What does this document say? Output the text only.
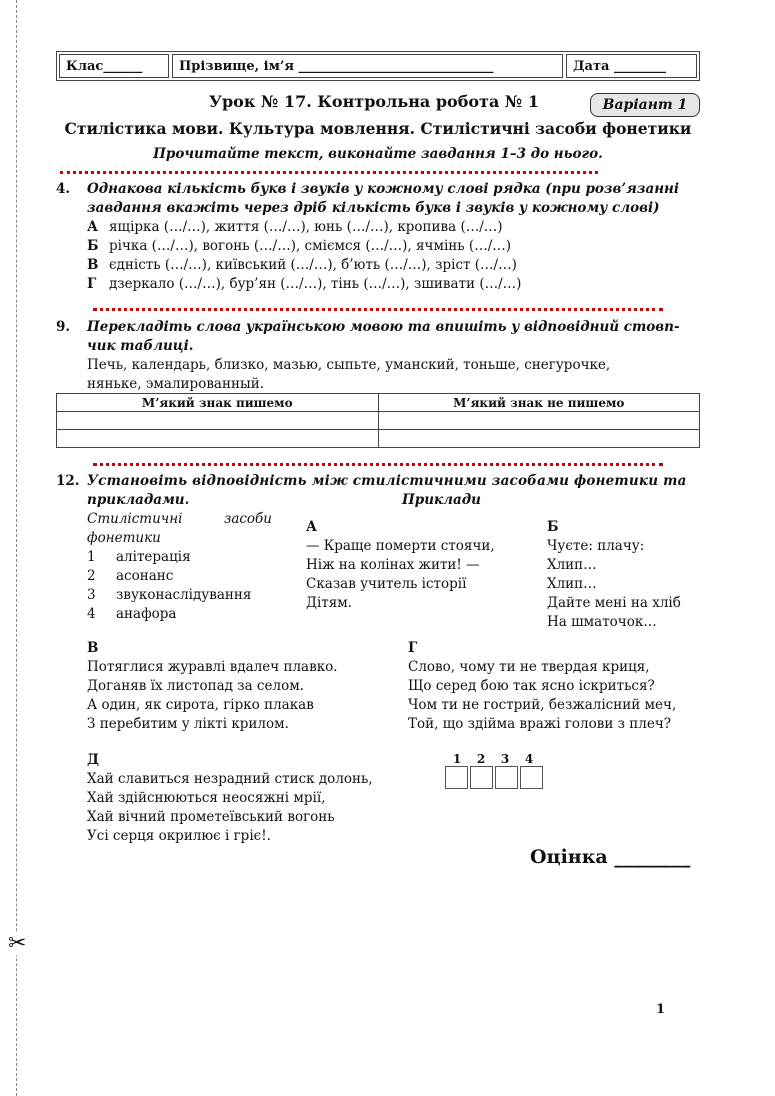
✂
Клас______	Прізвище, ім’я ______________________________	Дата ________
Урок № 17. Контрольна робота № 1	Варіант 1
Стилістика мови. Культура мовлення. Стилістичні засоби фонетики
Прочитайте текст, виконайте завдання 1–3 до нього.
4.	Однакова кількість букв і звуків у кожному слові рядка (при розв’язанні
завдання вкажіть через дріб кількість букв і звуків у кожному слові)
А ящірка (…/…), життя (…/…), юнь (…/…), кропива (…/…)
Б річка (…/…), вогонь (…/…), сміємся (…/…), ячмінь (…/…)
В єдність (…/…), київський (…/…), б’ють (…/…), зріст (…/…)
Г дзеркало (…/…), бур’ян (…/…), тінь (…/…), зшивати (…/…)
9.	Перекладіть слова українською мовою та впишіть у відповідний стовп-
чик таблиці.
Печь, календарь, близко, мазью, сыпьте, уманский, тоньше, снегурочке,
няньке, эмалированный.
М’який знак пишемо	М’який знак не пишемо

12. Установіть відповідність між стилістичними засобами фонетики та
прикладами.	Приклади
Стилістичні засоби
фонетики
1	алітерація
2	асонанс
3	звуконаслідування
4	анафора
А
— Краще померти стоячи,
Ніж на колінах жити! —
Сказав учитель історії
Дітям.
Б
Чуєте: плачу:
Хлип…
Хлип…
Дайте мені на хліб
На шматочок…
В
Потяглися журавлі вдалеч плавко.
Доганяв їх листопад за селом.
А один, як сирота, гірко плакав
З перебитим у лікті крилом.
Г
Слово, чому ти не твердая криця,
Що серед бою так ясно іскриться?
Чом ти не гострий, безжалісний меч,
Той, що здійма вражі голови з плеч?
Д
Хай славиться незрадний стиск долонь,
Хай здійснюються неосяжні мрії,
Хай вічний прометеївський вогонь
Усі серця окрилює і гріє!.
1	2	3	4
Оцінка ________
1
